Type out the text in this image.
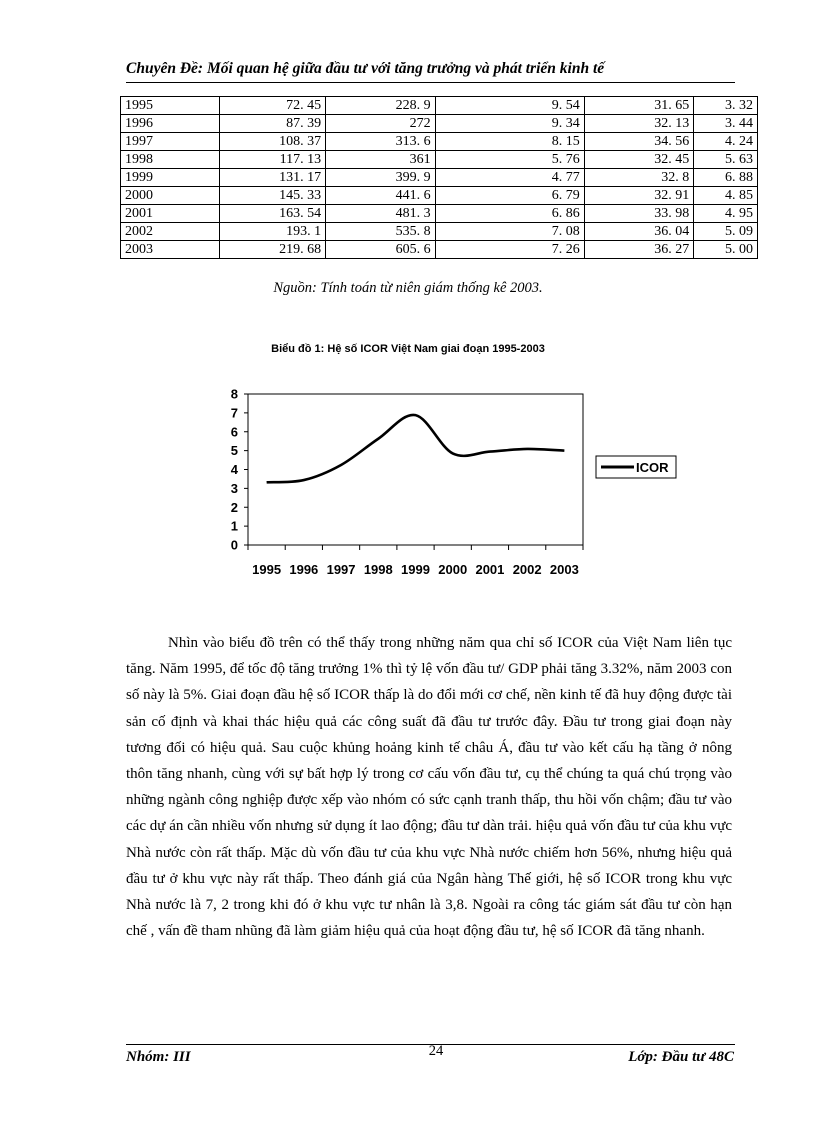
Chuyên Đề: Mối quan hệ giữa đầu tư với tăng trưởng và phát triển kinh tế
1995	72. 45	228. 9	9. 54	31. 65	3. 32
1996	87. 39	272	9. 34	32. 13	3. 44
1997	108. 37	313. 6	8. 15	34. 56	4. 24
1998	117. 13	361	5. 76	32. 45	5. 63
1999	131. 17	399. 9	4. 77	32. 8	6. 88
2000	145. 33	441. 6	6. 79	32. 91	4. 85
2001	163. 54	481. 3	6. 86	33. 98	4. 95
2002	193. 1	535. 8	7. 08	36. 04	5. 09
2003	219. 68	605. 6	7. 26	36. 27	5. 00
Nguồn: Tính toán từ niên giám thống kê 2003.
Biểu đồ 1: Hệ số ICOR Việt Nam giai đoạn 1995-2003
0
1
2
3
4
5
6
7
8
1995 1996 1997 1998 1999 2000 2001 2002 2003
ICOR

Nhìn vào biểu đồ trên có thể thấy trong những năm qua chỉ số ICOR của Việt Nam liên tục tăng. Năm 1995, để tốc độ tăng trưởng 1% thì tỷ lệ vốn đầu tư/ GDP phải tăng 3.32%, năm 2003 con số này là 5%. Giai đoạn đầu hệ số ICOR thấp là do đổi mới cơ chế, nền kinh tế đã huy động được tài sản cố định và khai thác hiệu quả các công suất đã đầu tư trước đây. Đầu tư trong giai đoạn này tương đối có hiệu quả. Sau cuộc khủng hoảng kinh tế châu Á, đầu tư vào kết cấu hạ tầng ở nông thôn tăng nhanh, cùng với sự bất hợp lý trong cơ cấu vốn đầu tư, cụ thể chúng ta quá chú trọng vào những ngành công nghiệp được xếp vào nhóm có sức cạnh tranh thấp, thu hồi vốn chậm; đầu tư vào các dự án cần nhiều vốn nhưng sử dụng ít lao động; đầu tư dàn trải. hiệu quả vốn đầu tư của khu vực Nhà nước còn rất thấp. Mặc dù vốn đầu tư của khu vực Nhà nước chiếm hơn 56%, nhưng hiệu quả đầu tư ở khu vực này rất thấp. Theo đánh giá của Ngân hàng Thế giới, hệ số ICOR trong khu vực Nhà nước là 7, 2 trong khi đó ở khu vực tư nhân là 3,8. Ngoài ra công tác giám sát đầu tư còn hạn chế , vấn đề tham nhũng đã làm giảm hiệu quả của hoạt động đầu tư, hệ số ICOR đã tăng nhanh.

Nhóm: III	24	Lớp: Đầu tư 48C
